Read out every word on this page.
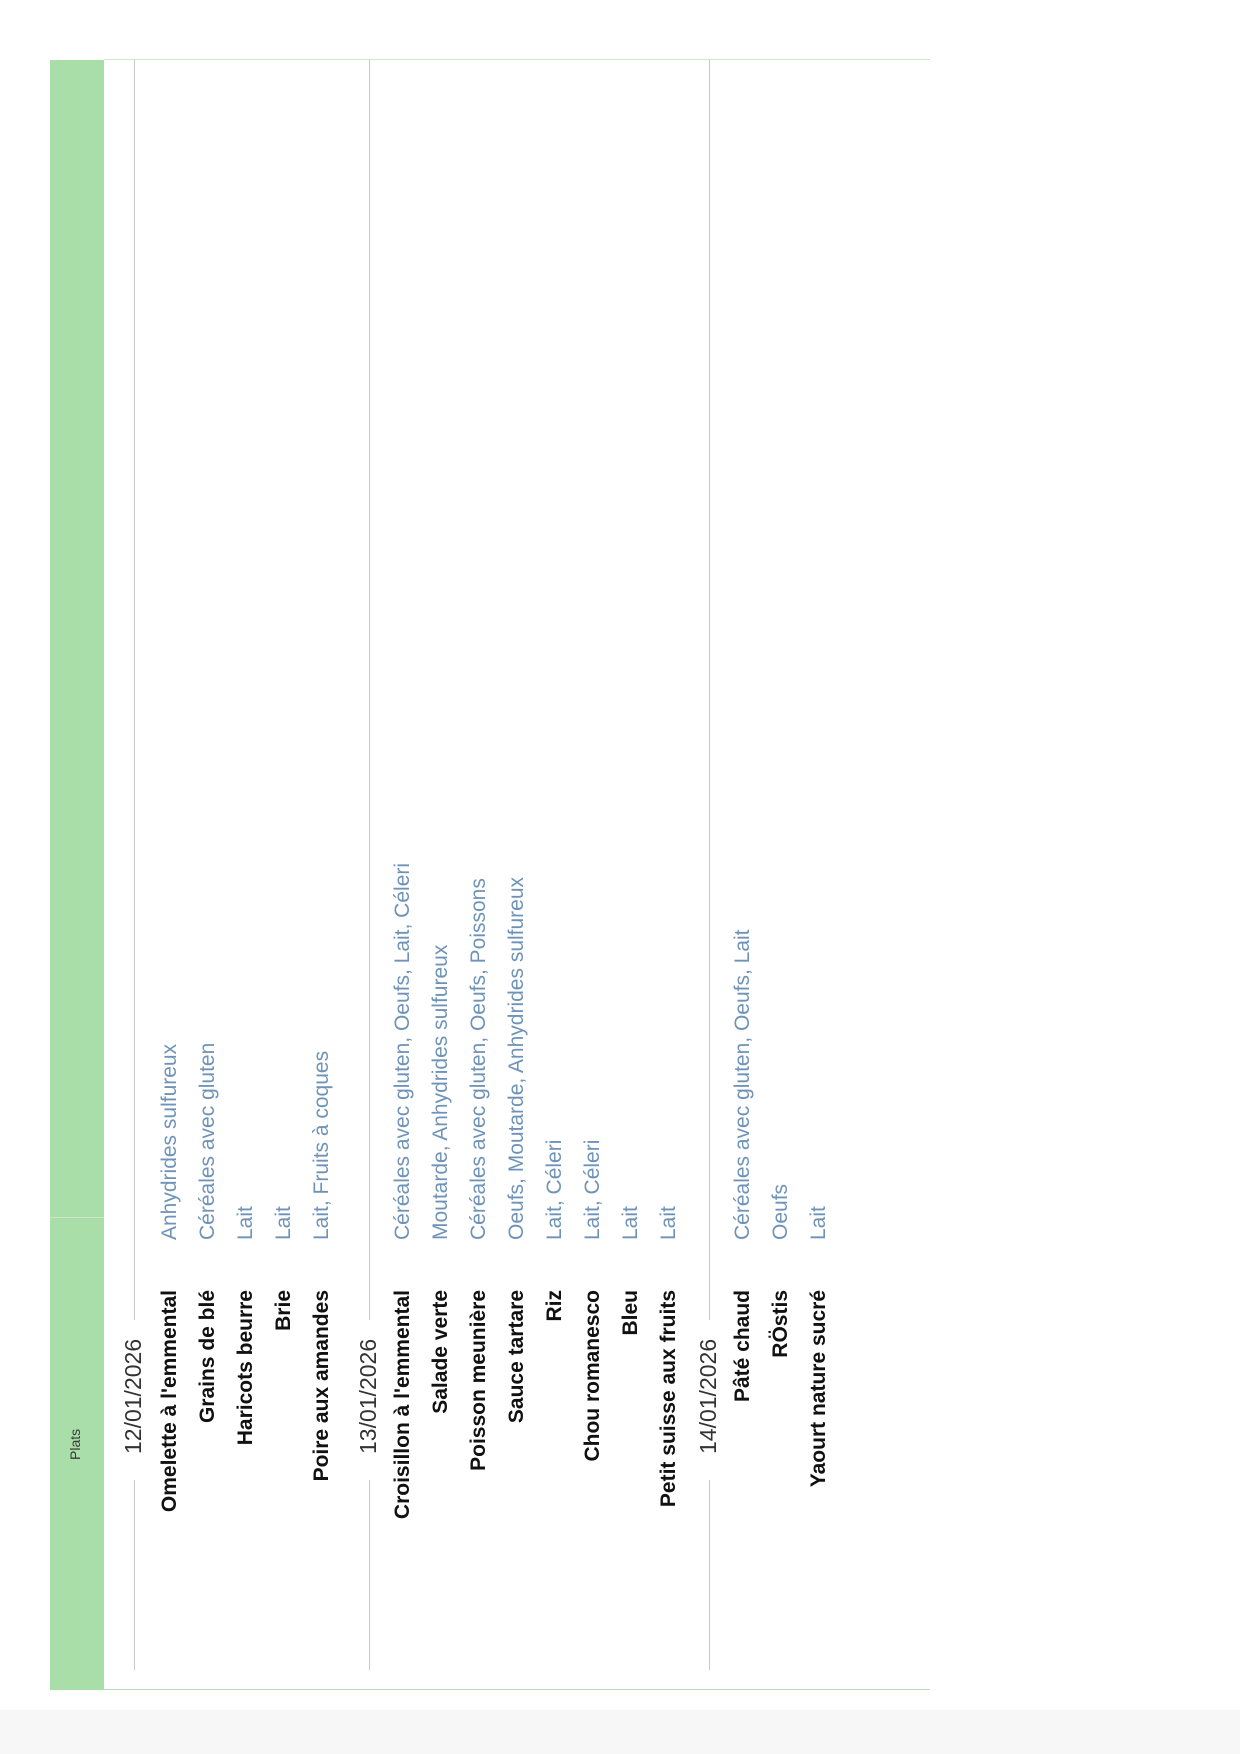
Plats 12/01/2026 Omelette à l'emmental
Anhydrides sulfureux
Grains de blé
Céréales avec gluten
Haricots beurre
Lait
Brie
Lait
Poire aux amandes
Lait, Fruits à coques
13/01/2026 Croisillon à l'emmental
Céréales avec gluten, Oeufs, Lait, Céleri
Salade verte
Moutarde, Anhydrides sulfureux
Poisson meunière
Céréales avec gluten, Oeufs, Poissons
Sauce tartare
Oeufs, Moutarde, Anhydrides sulfureux
Riz
Lait, Céleri
Chou romanesco
Lait, Céleri
Bleu
Lait
Petit suisse aux fruits
Lait
14/01/2026 Pâté chaud
Céréales avec gluten, Oeufs, Lait
RÖstis
Oeufs
Yaourt nature sucré
Lait
